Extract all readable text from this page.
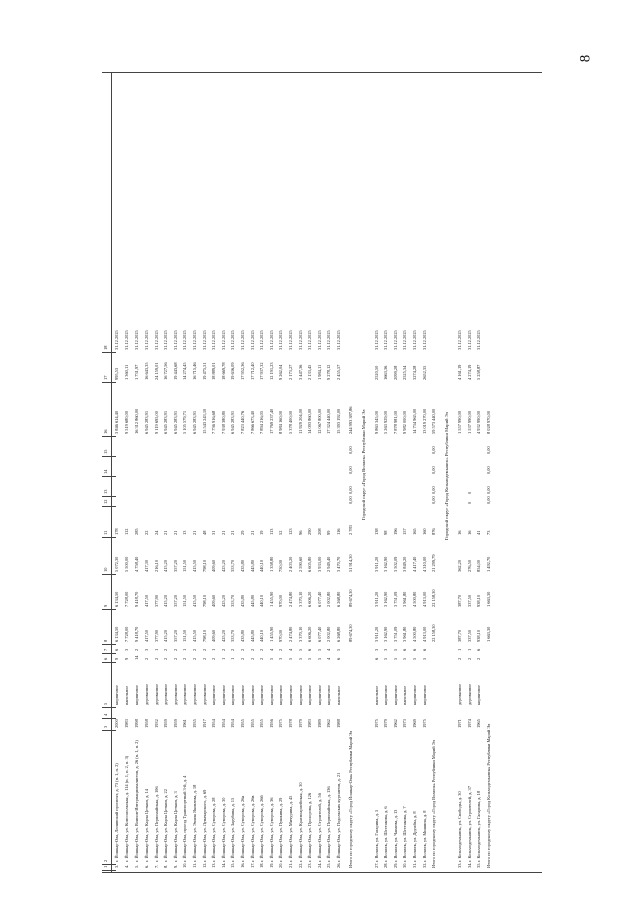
8
1
2
3
4
5
6
7
8
9
10
11
12
13
14
15
16
17
18
3.
г. Йошкар-Ола, Ленинский проспект, д. 73 (п. 1, п. 2)
2000
кирпичное
9
6
6 134,50
6 134,50
5 072,30
178
3 846 614,40
995,53
31.12.2025
4.
г. Йошкар-Ола, ул. Комсомольская, д. 114 (п. 1, п. 2, п. 3)
1983
панельное
9
3
7 728,00
7 728,00
5 500,00
112
9 519 680,00
1 360,11
31.12.2025
5.
г. Йошкар-Ола, ул. Воинов-Интернационалистов, д. 26 (п. 1, п. 2)
1998
кирпичное
14
2
9 418,70
9 418,70
4 758,40
285
16 312 860,00
1 731,97
31.12.2025
6.
г. Йошкар-Ола, ул. Карла Цеткин, д. 14
1958
деревянное
2
3
417,50
417,50
417,30
22
6 945 283,91
16 643,35
31.12.2025
7.
г. Йошкар-Ола, ул. Первомайская, д. 106
1932
деревянное
2
1
377,90
377,90
216,10
24
9 119 695,00
24 159,01
31.12.2025
8.
г. Йошкар-Ола, ул. Карла Цеткин, д. 22
1959
деревянное
2
2
415,20
415,20
415,20
21
6 945 283,91
16 727,56
31.12.2025
9.
г. Йошкар-Ола, ул. Карла Цеткин, д. 3
1959
деревянное
2
2
357,20
357,20
357,20
21
6 945 283,91
19 443,68
31.12.2025
10.
г. Йошкар-Ола, проезд Транспортный 3-й, д. 4
1961
деревянное
2
1
151,50
151,50
151,50
13
5 105 579,71
14 274,45
31.12.2025
11.
г. Йошкар-Ола, ул. Эмиля Яковлева, д. 18
1935
деревянное
2
2
415,50
415,50
415,50
21
6 945 283,91
16 715,46
31.12.2025
12.
г. Йошкар-Ола, ул. Луначарского, д. 69
1917
деревянное
2
2
798,10
798,10
798,10
48
15 543 243,10
19 475,51
31.12.2025
13.
г. Йошкар-Ола, ул. Суворова, д. 28
1954
кирпичное
2
1
409,60
409,60
409,60
31
7 736 916,68
18 889,01
31.12.2025
14.
г. Йошкар-Ола, ул. Суворова, д. 30
1954
кирпичное
1
2
425,20
425,20
425,20
21
7 938 380,80
18 669,78
31.12.2025
15.
г. Йошкар-Ола, ул. Зарубина, д. 15
1954
кирпичное
1
2
353,70
353,70
353,70
21
6 945 283,91
19 636,09
31.12.2025
16.
г. Йошкар-Ола, ул. Суворова, д. 26а
1955
кирпичное
2
2
435,80
435,80
435,80
29
7 823 440,76
17 952,36
31.12.2025
17.
г. Йошкар-Ола, ул. Суворова, д. 26в
1955
кирпичное
2
2
445,80
445,80
445,80
21
7 866 673,40
17 712,40
31.12.2025
18.
г. Йошкар-Ола, ул. Суворова, д. 26б
1955
кирпичное
2
2
440,10
440,10
440,10
19
7 894 216,05
17 937,32
31.12.2025
19.
г. Йошкар-Ола, ул. Суворова, д. 36
1956
кирпичное
5
4
1 455,90
1 455,90
1 358,80
113
17 769 237,40
12 191,23
31.12.2025
20.
г. Йошкар-Ола, ул. Пушкина, д. 29
1975
кирпичное
3
2
970,00
970,00
750,00
52
8 984 160,00
9 262,04
31.12.2025
21.
г. Йошкар-Ола, ул. Мичурина, д. 45
1978
кирпичное
5
4
2 474,80
2 474,80
2 403,20
123
5 378 400,00
2 173,27
31.12.2025
22.
г. Йошкар-Ола, ул. Красноармейская, д. 30
1979
кирпичное
5
5
3 370,10
3 370,10
2 590,60
96
11 929 204,00
3 447,36
31.12.2025
23.
г. Йошкар-Ола, ул. Прохорова, д. 126
1983
кирпичное
5
6
6 606,20
6 606,20
6 605,80
290
14 093 860,00
2 133,45
31.12.2025
24.
г. Йошкар-Ола, ул. Строителей, д. 5б
1989
кирпичное
5
5
6 077,40
6 077,40
3 933,00
208
12 067 800,00
1 984,11
31.12.2025
25.
г. Йошкар-Ола, ул. Первомайская, д. 136
1962
кирпичное
4
4
2 002,80
2 002,80
2 949,40
99
17 324 440,00
9 278,12
31.12.2025
26.
г. Йошкар-Ола, ул. Подольских курсантов, д. 21
1988
панельное
6
5
6 268,80
6 268,80
3 470,70
116
15 393 192,00
2 455,57
31.12.2025
Итого по городскому округу «Город Йошкар-Ола» Республики Марий Эл
89 674,30
89 674,30
51 914,30
2 783
0,00
0,00
0,00
0,00
244 993 387,86 Городской округ «Город Волжск» Республики Марий Эл
27.
г. Волжск, ул. Гагарина, д. 5
1975
панельное
6
3
3 911,20
3 911,20
3 911,20
138
9 863 345,00
2520,50
31.12.2025
28.
г. Волжск, ул. Шестакова, д. 6
1979
кирпичное
5
3
3 162,90
3 162,90
3 162,90
98
5 263 929,00
1663,36
31.12.2025
29.
г. Волжск, ул. Чапаева, д. 13
1962
кирпичное
5
5
3 751,09
3 751,09
3 502,09
196
7 878 981,00
2099,28
31.12.2025
30.
г. Волжск, ул. Шестакова, д. 7
1973
панельное
5
6
3 961,80
3 961,80
3 849,20
157
9 982 000,00
2525,34
31.12.2025
31.
г. Волжск, ул. Дружбы, д. 8
1969
кирпичное
5
6
4 500,80
4 500,80
4 417,40
165
14 734 965,00
3274,28
31.12.2025
32.
г. Волжск, ул. Мишина, д. 8
1975
кирпичное
5
6
4 913,00
4 913,00
4 310,00
160
13 019 270,00
2652,35
31.12.2025
Итого по городскому округу «Город Волжск» Республики Марий Эл
22 158,30
22 158,30
21 299,79
876
0,00
0,00
0,00
0,00
59 573 440,00 Городской округ «Город Козьмодемьянск» Республики Марий Эл
33.
г. Козьмодемьянск, ул. Свободы, д. 30
1971
деревянное
2
1
387,70
387,70
362,20
16
1 557 990,00
4 161,19
31.12.2025
34.
г. Козьмодемьянск, ул. Строителей, д. 37
1974
деревянное
2
1
337,50
337,50
276,50
16
0
0
1 537 990,00
4 274,19
31.12.2025
35.
г. Козьмодемьянск, ул. Гагарина, д. 18
1965
кирпичное
2
6
938,10
938,10
854,00
41
4 932 990,00
5 258,87
31.12.2025
Итого по городскому округу «Город Козьмодемьянск» Республики Марий Эл
1 663,30
1 663,30
1 492,70
73
0,00
0,00
0,00
0,00
8 028 970,00
